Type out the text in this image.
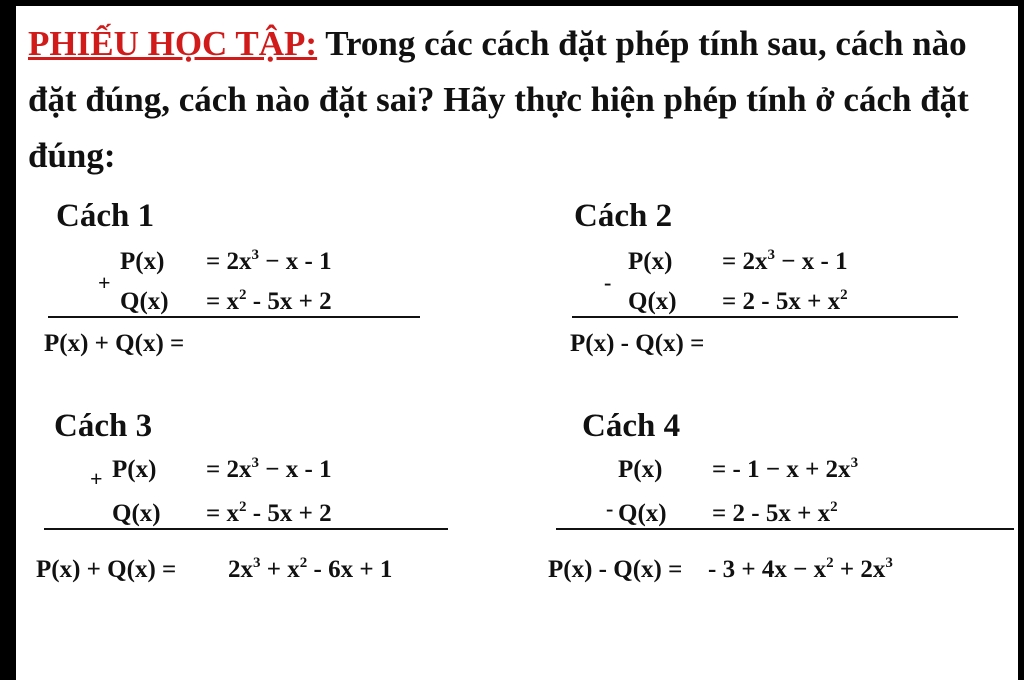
PHIẾU HỌC TẬP: Trong các cách đặt phép tính sau, cách nào đặt đúng, cách nào đặt sai? Hãy thực hiện phép tính ở cách đặt đúng:
Cách 1
$P(x) = 2x^3 - x - 1$
+
$Q(x) = x^2 - 5x + 2$
P(x) + Q(x) =
Cách 2
$P(x) = 2x^3 - x - 1$
-
$Q(x) = 2 - 5x + x^2$
P(x) - Q(x) =
Cách 3
+ $P(x) = 2x^3 - x - 1$
$Q(x) = x^2 - 5x + 2$
$P(x) + Q(x) = 2x^3 + x^2 - 6x + 1$
Cách 4
P(x) = - $1 - x + 2x^3$
- $Q(x) = 2 - 5x + x^2$
P(x) - Q(x) = - $3 + 4x - x^2 + 2x^3$
